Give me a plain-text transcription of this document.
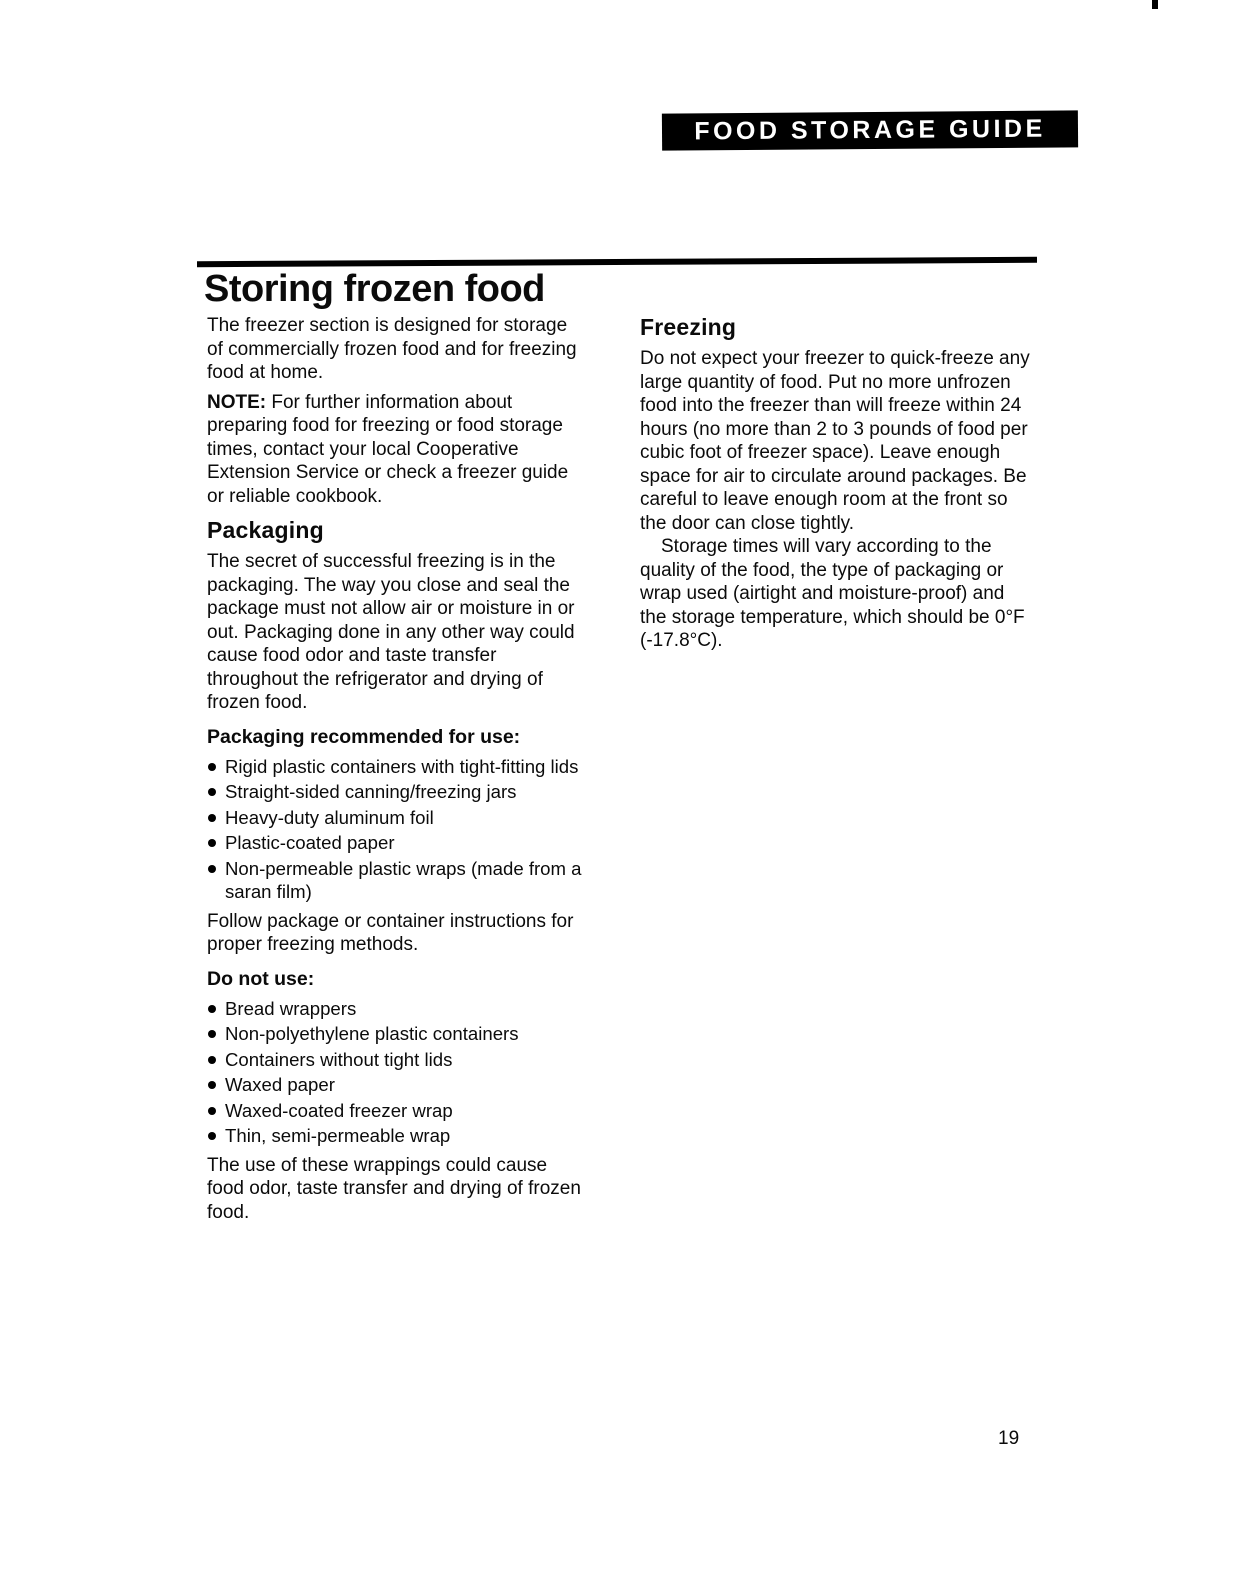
FOOD STORAGE GUIDE
Storing frozen food

The freezer section is designed for storage of commercially frozen food and for freezing food at home.

NOTE: For further information about preparing food for freezing or food storage times, contact your local Cooperative Extension Service or check a freezer guide or reliable cookbook.

Packaging

The secret of successful freezing is in the packaging. The way you close and seal the package must not allow air or moisture in or out. Packaging done in any other way could cause food odor and taste transfer throughout the refrigerator and drying of frozen food.

Packaging recommended for use:
Rigid plastic containers with tight-fitting lids
Straight-sided canning/freezing jars
Heavy-duty aluminum foil
Plastic-coated paper
Non-permeable plastic wraps (made from a saran film)

Follow package or container instructions for proper freezing methods.

Do not use:
Bread wrappers
Non-polyethylene plastic containers
Containers without tight lids
Waxed paper
Waxed-coated freezer wrap
Thin, semi-permeable wrap

The use of these wrappings could cause food odor, taste transfer and drying of frozen food.

Freezing

Do not expect your freezer to quick-freeze any large quantity of food. Put no more unfrozen food into the freezer than will freeze within 24 hours (no more than 2 to 3 pounds of food per cubic foot of freezer space). Leave enough space for air to circulate around packages. Be careful to leave enough room at the front so the door can close tightly.

Storage times will vary according to the quality of the food, the type of packaging or wrap used (airtight and moisture-proof) and the storage temperature, which should be 0°F (-17.8°C).

19
